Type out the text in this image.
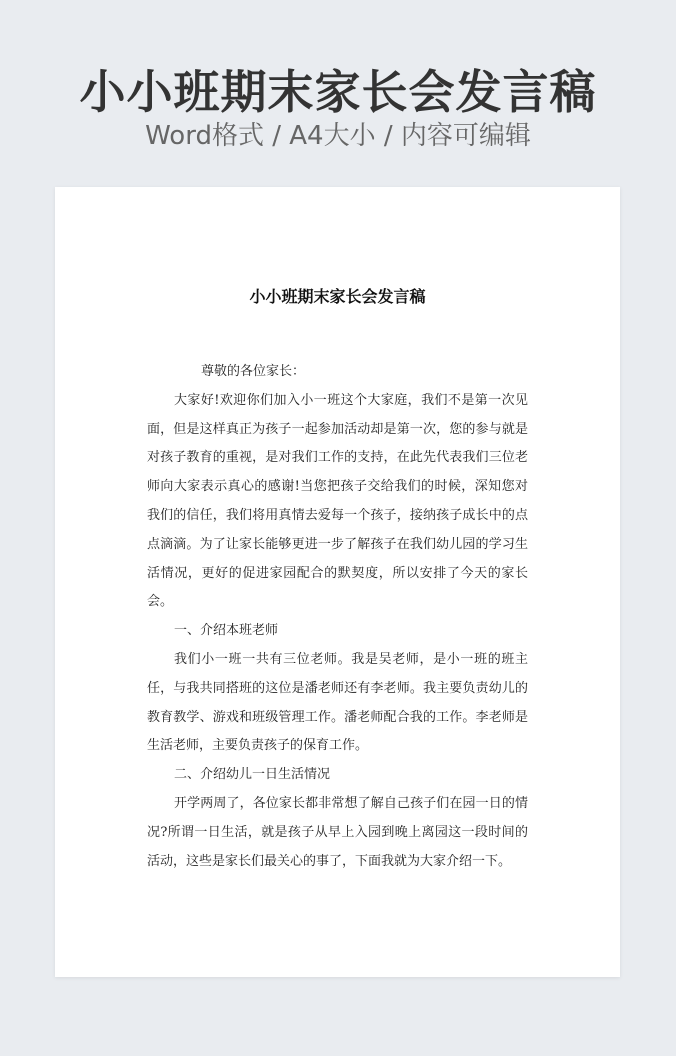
小小班期末家长会发言稿
Word格式 / A4大小 / 内容可编辑
小小班期末家长会发言稿

尊敬的各位家长：

大家好!欢迎你们加入小一班这个大家庭，我们不是第一次见面，但是这样真正为孩子一起参加活动却是第一次，您的参与就是对孩子教育的重视，是对我们工作的支持，在此先代表我们三位老师向大家表示真心的感谢!当您把孩子交给我们的时候，深知您对我们的信任，我们将用真情去爱每一个孩子，接纳孩子成长中的点点滴滴。为了让家长能够更进一步了解孩子在我们幼儿园的学习生活情况，更好的促进家园配合的默契度，所以安排了今天的家长会。

一、介绍本班老师

我们小一班一共有三位老师。我是吴老师，是小一班的班主任，与我共同搭班的这位是潘老师还有李老师。我主要负责幼儿的教育教学、游戏和班级管理工作。潘老师配合我的工作。李老师是生活老师，主要负责孩子的保育工作。

二、介绍幼儿一日生活情况

开学两周了，各位家长都非常想了解自己孩子们在园一日的情况?所谓一日生活，就是孩子从早上入园到晚上离园这一段时间的活动，这些是家长们最关心的事了，下面我就为大家介绍一下。
